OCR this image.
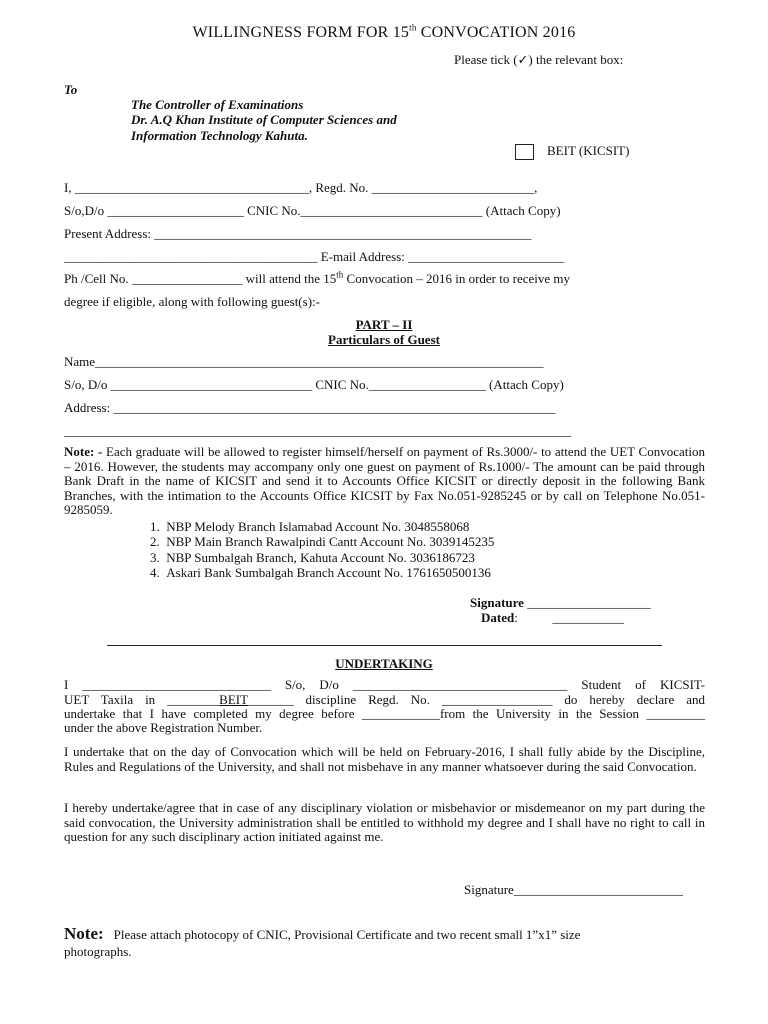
WILLINGNESS FORM FOR 15th CONVOCATION 2016
Please tick (✓) the relevant box:
To
The Controller of Examinations
Dr. A.Q Khan Institute of Computer Sciences and
Information Technology Kahuta.
BEIT (KICSIT)
I, ____________________________________, Regd. No. _________________________,
S/o,D/o _____________________ CNIC No.____________________________ (Attach Copy)
Present Address: __________________________________________________________
_______________________________________ E-mail Address: ________________________
Ph /Cell No. _________________ will attend the 15th Convocation – 2016 in order to receive my
degree if eligible, along with following guest(s):-
PART – II
Particulars of Guest
Name_____________________________________________________________________
S/o, D/o _______________________________ CNIC No.__________________ (Attach Copy)
Address: ____________________________________________________________________
______________________________________________________________________________
Note: - Each graduate will be allowed to register himself/herself on payment of Rs.3000/- to attend the UET Convocation – 2016. However, the students may accompany only one guest on payment of Rs.1000/- The amount can be paid through Bank Draft in the name of KICSIT and send it to Accounts Office KICSIT or directly deposit in the following Bank Branches, with the intimation to the Accounts Office KICSIT by Fax No.051-9285245 or by call on Telephone No.051-9285059.
1.  NBP Melody Branch Islamabad Account No. 3048558068
2.  NBP Main Branch Rawalpindi Cantt Account No. 3039145235
3.  NBP Sumbalgah Branch, Kahuta Account No. 3036186723
4.  Askari Bank Sumbalgah Branch Account No. 1761650500136
Signature ___________________
Dated:	___________
UNDERTAKING
I _____________________________ S/o, D/o _________________________________ Student of KICSIT-
UET Taxila in ________BEIT_______ discipline Regd. No. _________________ do hereby declare and
undertake that I have completed my degree before ____________from the University in the Session _________
under the above Registration Number.
I undertake that on the day of Convocation which will be held on February-2016, I shall fully abide by the Discipline, Rules and Regulations of the University, and shall not misbehave in any manner whatsoever during the said Convocation.
I hereby undertake/agree that in case of any disciplinary violation or misbehavior or misdemeanor on my part during the said convocation, the University administration shall be entitled to withhold my degree and I shall have no right to call in question for any such disciplinary action initiated against me.
Signature__________________________
Note: Please attach photocopy of CNIC, Provisional Certificate and two recent small 1”x1” size
photographs.
